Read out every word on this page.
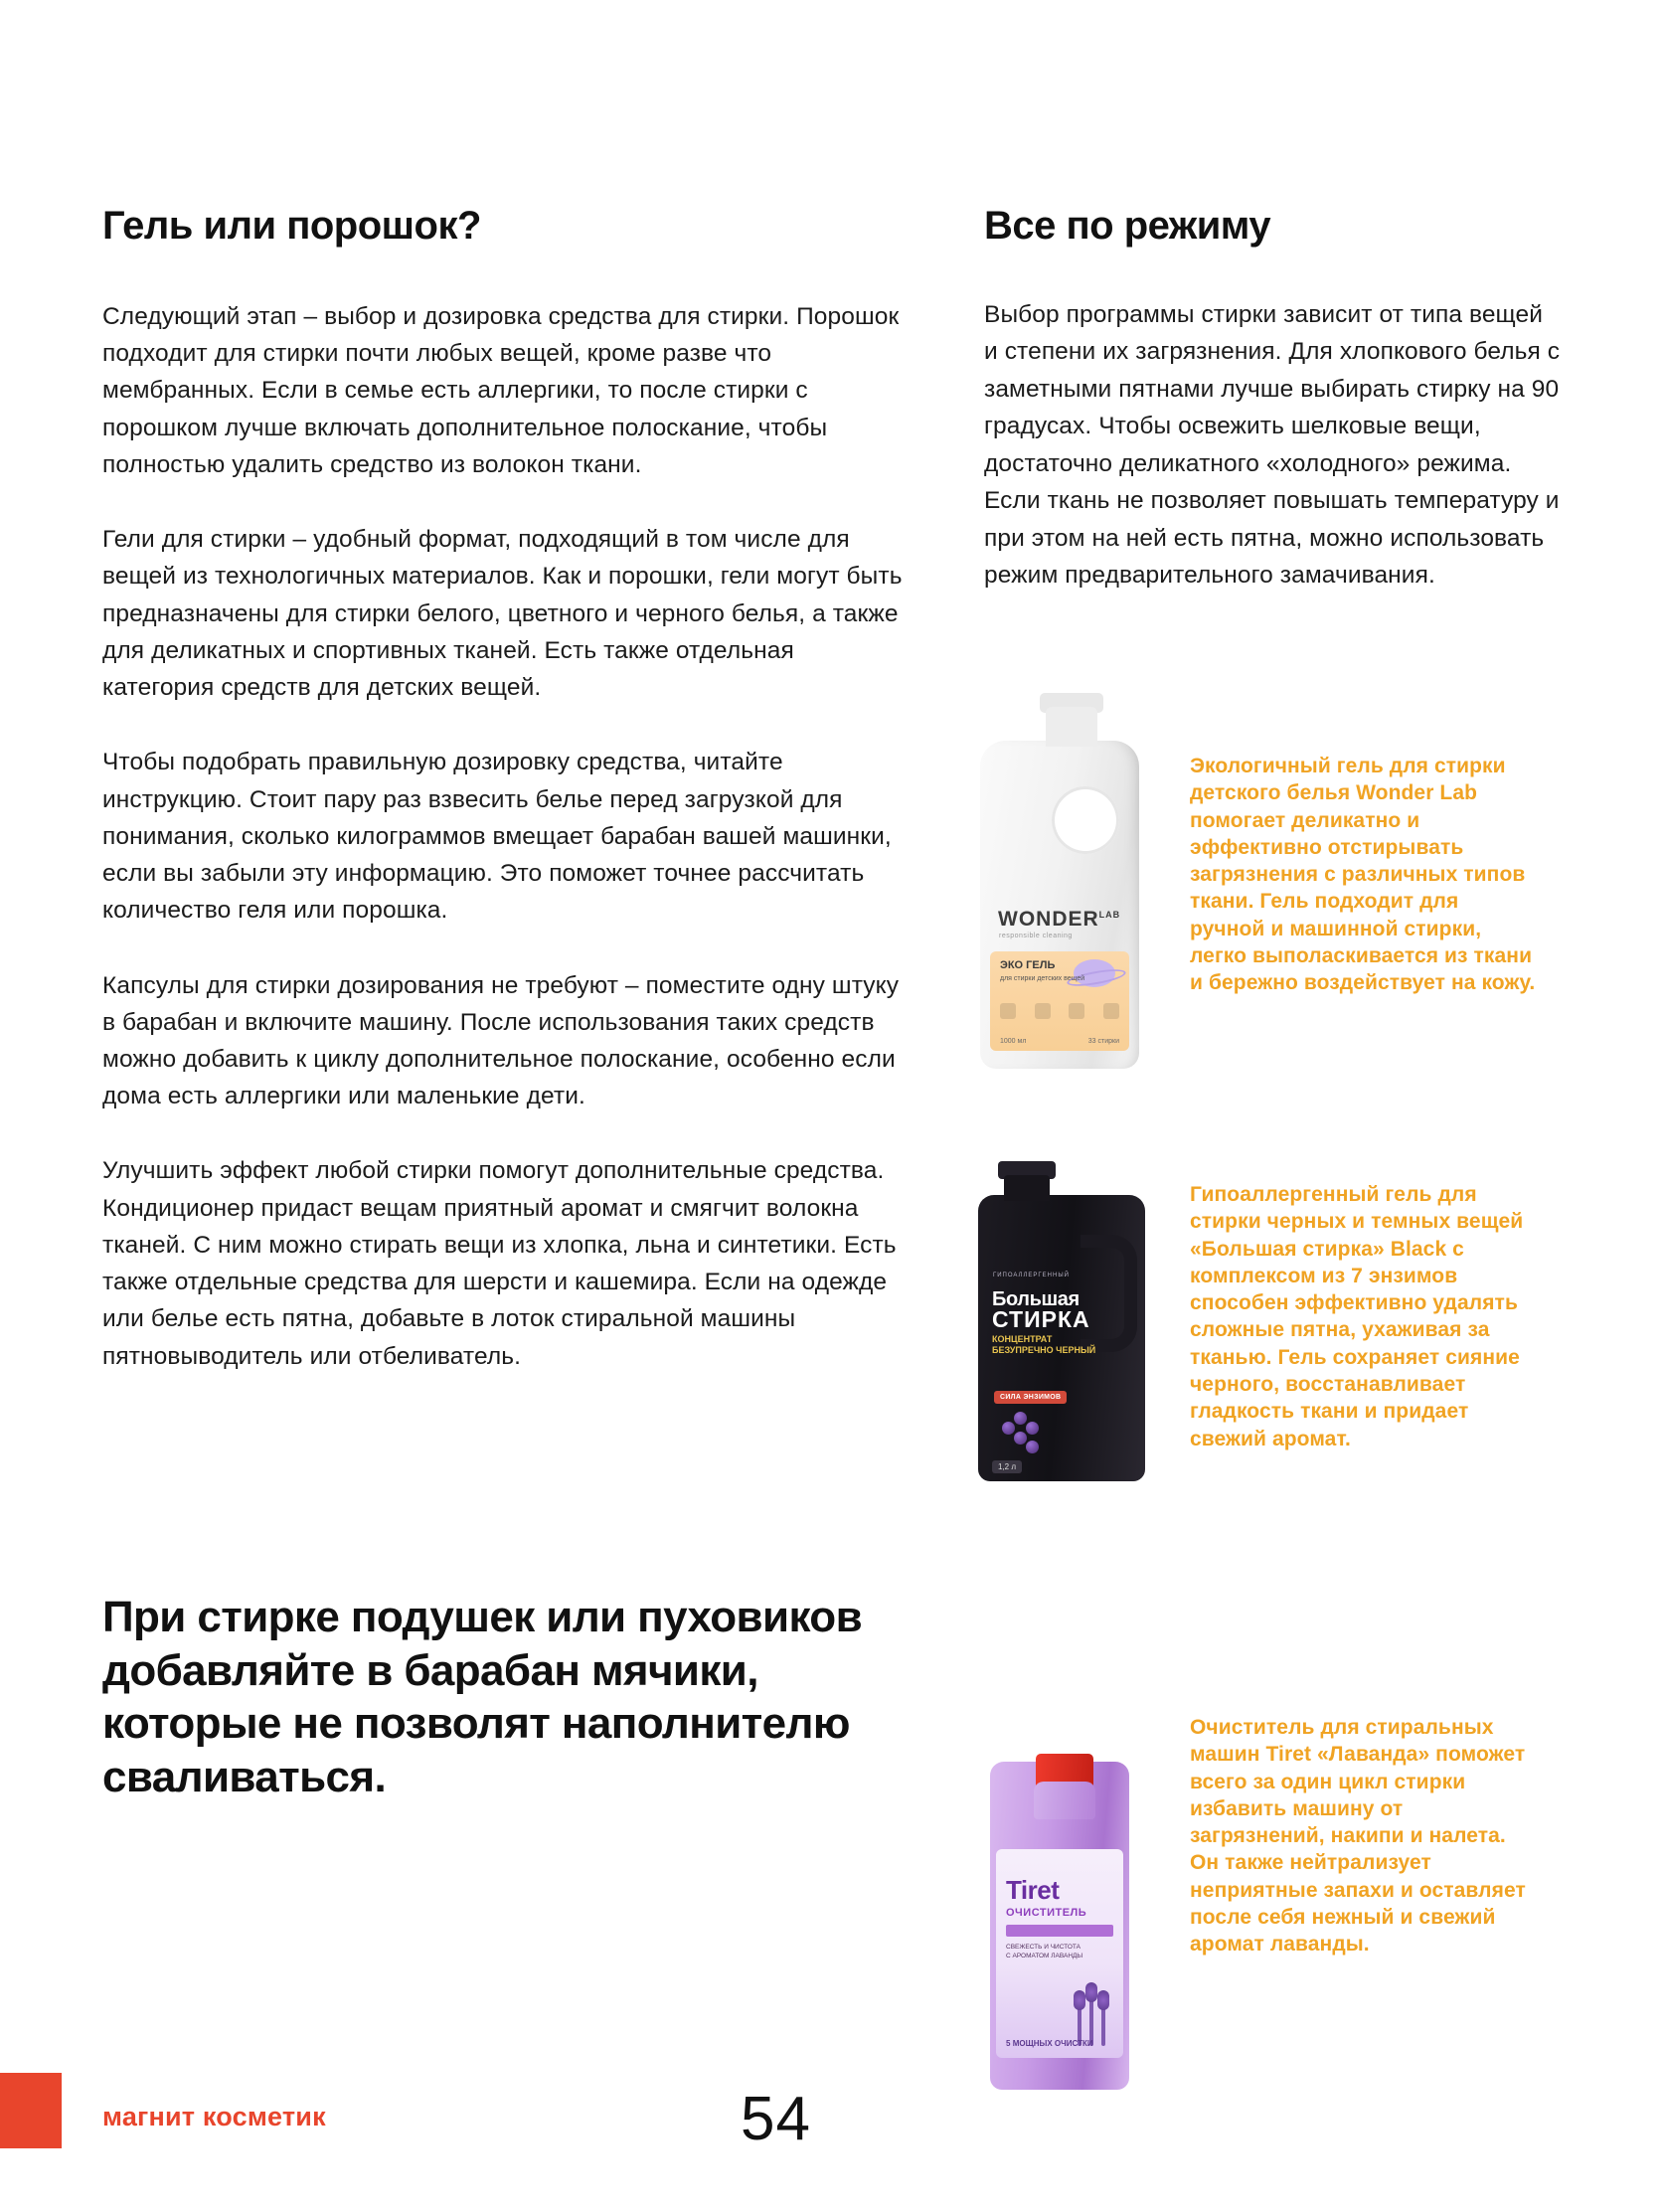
Гель или порошок?

Следующий этап – выбор и дозировка средства для стирки. Порошок подходит для стирки почти любых вещей, кроме разве что мембранных. Если в семье есть аллергики, то после стирки с порошком лучше включать дополнительное полоскание, чтобы полностью удалить средство из волокон ткани.

Гели для стирки – удобный формат, подходящий в том числе для вещей из технологичных материалов. Как и порошки, гели могут быть предназначены для стирки белого, цветного и черного белья, а также для деликатных и спортивных тканей. Есть также отдельная категория средств для детских вещей.

Чтобы подобрать правильную дозировку средства, читайте инструкцию. Стоит пару раз взвесить белье перед загрузкой для понимания, сколько килограммов вмещает барабан вашей машинки, если вы забыли эту информацию. Это поможет точнее рассчитать количество геля или порошка.

Капсулы для стирки дозирования не требуют – поместите одну штуку в барабан и включите машину. После использования таких средств можно добавить к циклу дополнительное полоскание, особенно если дома есть аллергики или маленькие дети.

Улучшить эффект любой стирки помогут дополнительные средства. Кондиционер придаст вещам приятный аромат и смягчит волокна тканей. С ним можно стирать вещи из хлопка, льна и синтетики. Есть также отдельные средства для шерсти и кашемира. Если на одежде или белье есть пятна, добавьте в лоток стиральной машины пятновыводитель или отбеливатель.

При стирке подушек или пуховиков добавляйте в барабан мячики, которые не позволят наполнителю сваливаться.
Все по режиму

Выбор программы стирки зависит от типа вещей и степени их загрязнения. Для хлопкового белья с заметными пятнами лучше выбирать стирку на 90 градусах. Чтобы освежить шелковые вещи, достаточно деликатного «холодного» режима. Если ткань не позволяет повышать температуру и при этом на ней есть пятна, можно использовать режим предварительного замачивания.

$WONDER^{LAB}$
responsible cleaning
ЭКО ГЕЛЬ
для стирки детских вещей
1000 мл	33 стирки
Экологичный гель для стирки детского белья Wonder Lab помогает деликатно и эффективно отстирывать загрязнения с различных типов ткани. Гель подходит для ручной и машинной стирки, легко выполаскивается из ткани и бережно воздействует на кожу.
ГИПОАЛЛЕРГЕННЫЙ
Большая
СТИРКА
КОНЦЕНТРАТ
БЕЗУПРЕЧНО ЧЕРНЫЙ
СИЛА ЭНЗИМОВ
1,2 л
Гипоаллергенный гель для стирки черных и темных вещей «Большая стирка» Black с комплексом из 7 энзимов способен эффективно удалять сложные пятна, ухаживая за тканью. Гель сохраняет сияние черного, восстанавливает гладкость ткани и придает свежий аромат.
Tiret
ОЧИСТИТЕЛЬ
СВЕЖЕСТЬ И ЧИСТОТА
С АРОМАТОМ ЛАВАНДЫ
5 МОЩНЫХ ОЧИСТКИ
Очиститель для стиральных машин Tiret «Лаванда» поможет всего за один цикл стирки избавить машину от загрязнений, накипи и налета. Он также нейтрализует неприятные запахи и оставляет после себя нежный и свежий аромат лаванды.
магнит косметик	54
